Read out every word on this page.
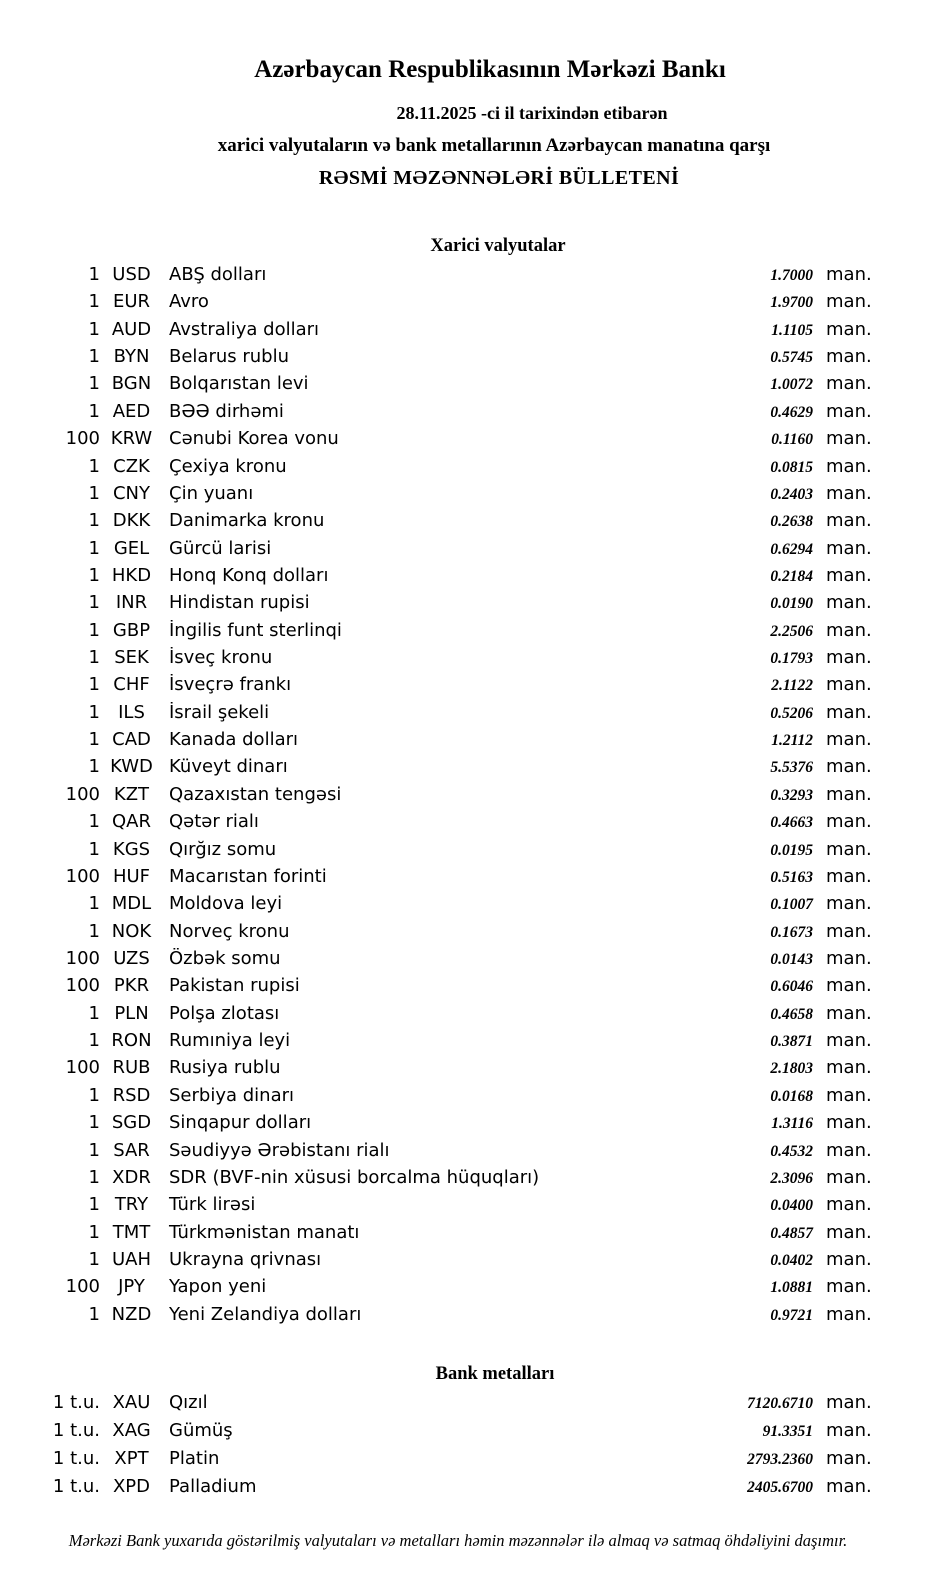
Azərbaycan Respublikasının Mərkəzi Bankı
28.11.2025 -ci il tarixindən etibarən
xarici valyutaların və bank metallarının Azərbaycan manatına qarşı
RƏSMİ MƏZƏNNƏLƏRİ BÜLLETENİ
Xarici valyutalar
1 USD	ABŞ dolları	1.7000 man.
1 EUR	Avro	1.9700 man.
1 AUD Avstraliya dolları	1.1105 man.
1 BYN	Belarus rublu	0.5745 man.
1 BGN Bolqarıstan levi	1.0072 man.
1 AED	BƏƏ dirhəmi	0.4629 man.
100 KRW Cənubi Korea vonu	0.1160 man.
1 CZK	Çexiya kronu	0.0815 man.
1 CNY	Çin yuanı	0.2403 man.
1 DKK	Danimarka kronu	0.2638 man.
1 GEL	Gürcü larisi	0.6294 man.
1 HKD Honq Konq dolları	0.2184 man.
1 INR	Hindistan rupisi	0.0190 man.
1 GBP	İngilis funt sterlinqi	2.2506 man.
1 SEK	İsveç kronu	0.1793 man.
1 CHF	İsveçrə frankı	2.1122 man.
1	ILS	İsrail şekeli	0.5206 man.
1 CAD	Kanada dolları	1.2112 man.
1 KWD Küveyt dinarı	5.5376 man.
100 KZT	Qazaxıstan tengəsi	0.3293 man.
1 QAR	Qətər rialı	0.4663 man.
1 KGS	Qırğız somu	0.0195 man.
100 HUF	Macarıstan forinti	0.5163 man.
1 MDL Moldova leyi	0.1007 man.
1 NOK Norveç kronu	0.1673 man.
100 UZS	Özbək somu	0.0143 man.
100 PKR	Pakistan rupisi	0.6046 man.
1 PLN	Polşa zlotası	0.4658 man.
1 RON Rumıniya leyi	0.3871 man.
100 RUB	Rusiya rublu	2.1803 man.
1 RSD	Serbiya dinarı	0.0168 man.
1 SGD Sinqapur dolları	1.3116 man.
1 SAR	Səudiyyə Ərəbistanı rialı	0.4532 man.
1 XDR	SDR (BVF-nin xüsusi borcalma hüquqları)	2.3096 man.
1 TRY	Türk lirəsi	0.0400 man.
1 TMT	Türkmənistan manatı	0.4857 man.
1 UAH Ukrayna qrivnası	0.0402 man.
100	JPY	Yapon yeni	1.0881 man.
1 NZD Yeni Zelandiya dolları	0.9721 man.
Bank metalları
1 t.u. XAU	Qızıl	7120.6710 man.
1 t.u. XAG	Gümüş	91.3351 man.
1 t.u. XPT	Platin	2793.2360 man.
1 t.u. XPD	Palladium	2405.6700 man.
Mərkəzi Bank yuxarıda göstərilmiş valyutaları və metalları həmin məzənnələr ilə almaq və satmaq öhdəliyini daşımır.
